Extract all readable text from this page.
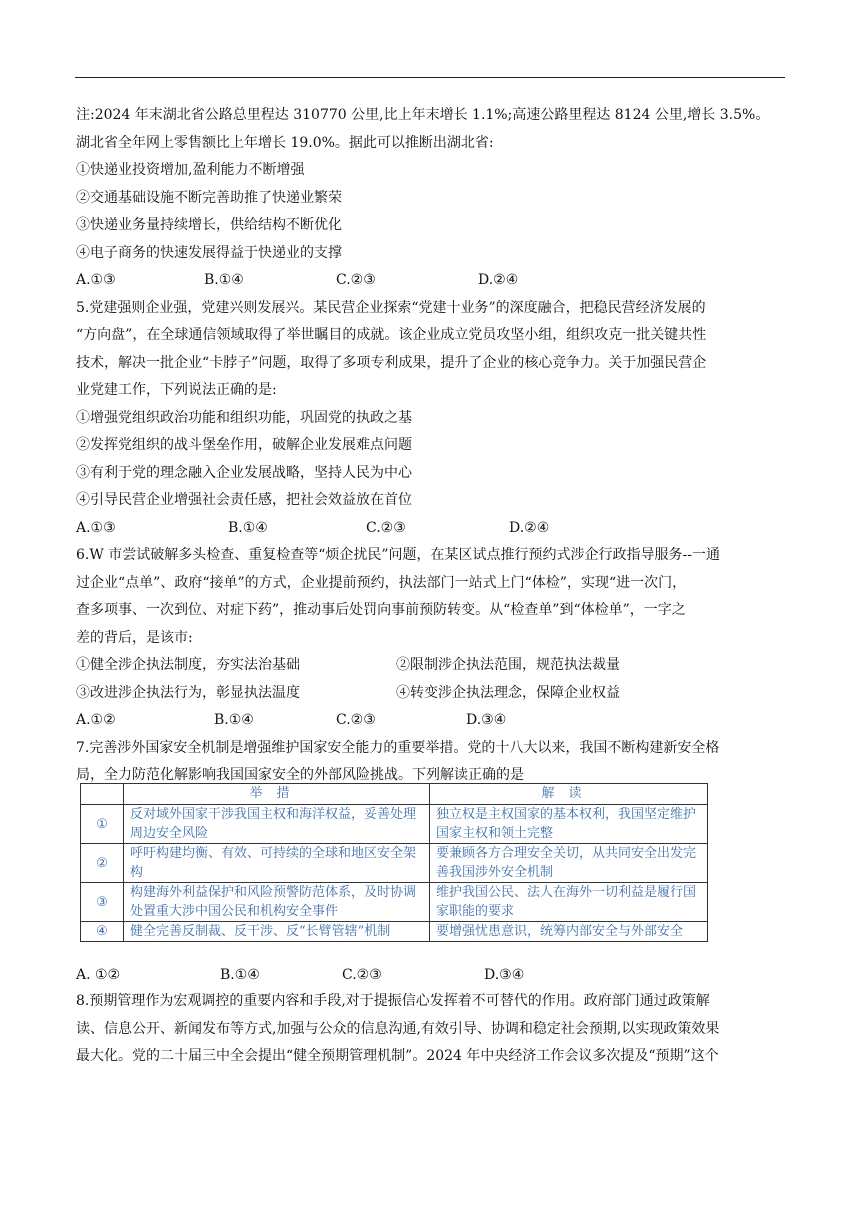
注:2024 年末湖北省公路总里程达 310770 公里,比上年末增长 1.1%;高速公路里程达 8124 公里,增长 3.5%。
湖北省全年网上零售额比上年增长 19.0%。据此可以推断出湖北省:
①快递业投资增加,盈利能力不断增强
②交通基础设施不断完善助推了快递业繁荣
③快递业务量持续增长，供给结构不断优化
④电子商务的快速发展得益于快递业的支撑
A.①③	B.①④	C.②③	D.②④
5.党建强则企业强，党建兴则发展兴。某民营企业探索“党建十业务”的深度融合，把稳民营经济发展的
“方向盘”，在全球通信领域取得了举世瞩目的成就。该企业成立党员攻坚小组，组织攻克一批关键共性
技术，解决一批企业“卡脖子”问题，取得了多项专利成果，提升了企业的核心竞争力。关于加强民营企
业党建工作，下列说法正确的是:
①增强党组织政治功能和组织功能，巩固党的执政之基
②发挥党组织的战斗堡垒作用，破解企业发展难点问题
③有利于党的理念融入企业发展战略，坚持人民为中心
④引导民营企业增强社会责任感，把社会效益放在首位
A.①③	B.①④	C.②③	D.②④
6.W 市尝试破解多头检查、重复检查等“烦企扰民”问题，在某区试点推行预约式涉企行政指导服务--一通
过企业“点单”、政府“接单”的方式，企业提前预约，执法部门一站式上门“体检”，实现“进一次门，
查多项事、一次到位、对症下药”，推动事后处罚向事前预防转变。从“检查单”到“体检单”，一字之
差的背后，是该市:
①健全涉企执法制度，夯实法治基础	②限制涉企执法范围，规范执法裁量
③改进涉企执法行为，彰显执法温度	④转变涉企执法理念，保障企业权益
A.①②	B.①④	C.②③	D.③④
7.完善涉外国家安全机制是增强维护国家安全能力的重要举措。党的十八大以来，我国不断构建新安全格
局，全力防范化解影响我国国家安全的外部风险挑战。下列解读正确的是
	举措	解读
①	反对域外国家干涉我国主权和海洋权益，妥善处理周边安全风险	独立权是主权国家的基本权利，我国坚定维护国家主权和领土完整
②	呼吁构建均衡、有效、可持续的全球和地区安全架构	要兼顾各方合理安全关切，从共同安全出发完善我国涉外安全机制
③	构建海外利益保护和风险预警防范体系，及时协调处置重大涉中国公民和机构安全事件	维护我国公民、法人在海外一切利益是履行国家职能的要求
④	健全完善反制裁、反干涉、反“长臂管辖”机制	要增强忧患意识，统筹内部安全与外部安全
A. ①②	B.①④	C.②③	D.③④
8.预期管理作为宏观调控的重要内容和手段,对于提振信心发挥着不可替代的作用。政府部门通过政策解
读、信息公开、新闻发布等方式,加强与公众的信息沟通,有效引导、协调和稳定社会预期,以实现政策效果
最大化。党的二十届三中全会提出“健全预期管理机制”。2024 年中央经济工作会议多次提及“预期”这个
